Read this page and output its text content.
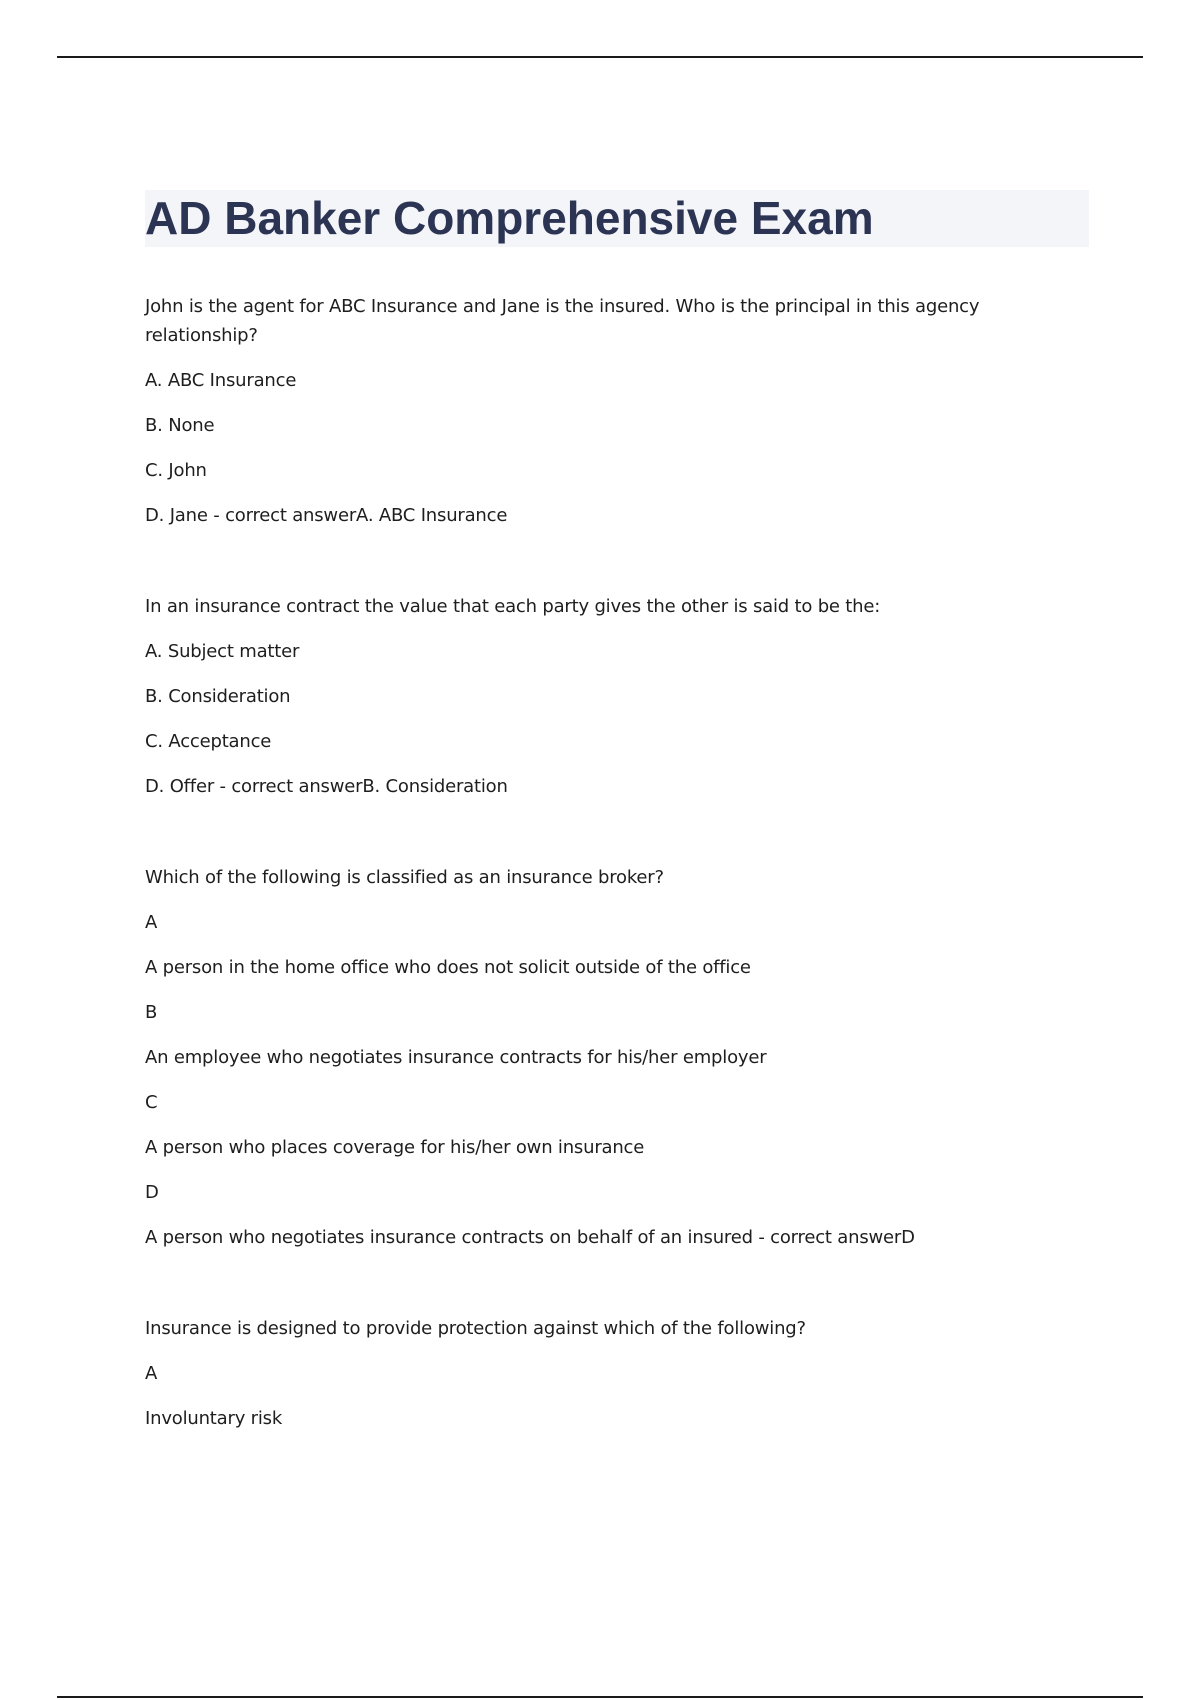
AD Banker Comprehensive Exam

John is the agent for ABC Insurance and Jane is the insured. Who is the principal in this agency relationship?

A. ABC Insurance

B. None

C. John

D. Jane - correct answerA. ABC Insurance

In an insurance contract the value that each party gives the other is said to be the:

A. Subject matter

B. Consideration

C. Acceptance

D. Offer - correct answerB. Consideration

Which of the following is classified as an insurance broker?

A

A person in the home office who does not solicit outside of the office

B

An employee who negotiates insurance contracts for his/her employer

C

A person who places coverage for his/her own insurance

D

A person who negotiates insurance contracts on behalf of an insured - correct answerD

Insurance is designed to provide protection against which of the following?

A

Involuntary risk
